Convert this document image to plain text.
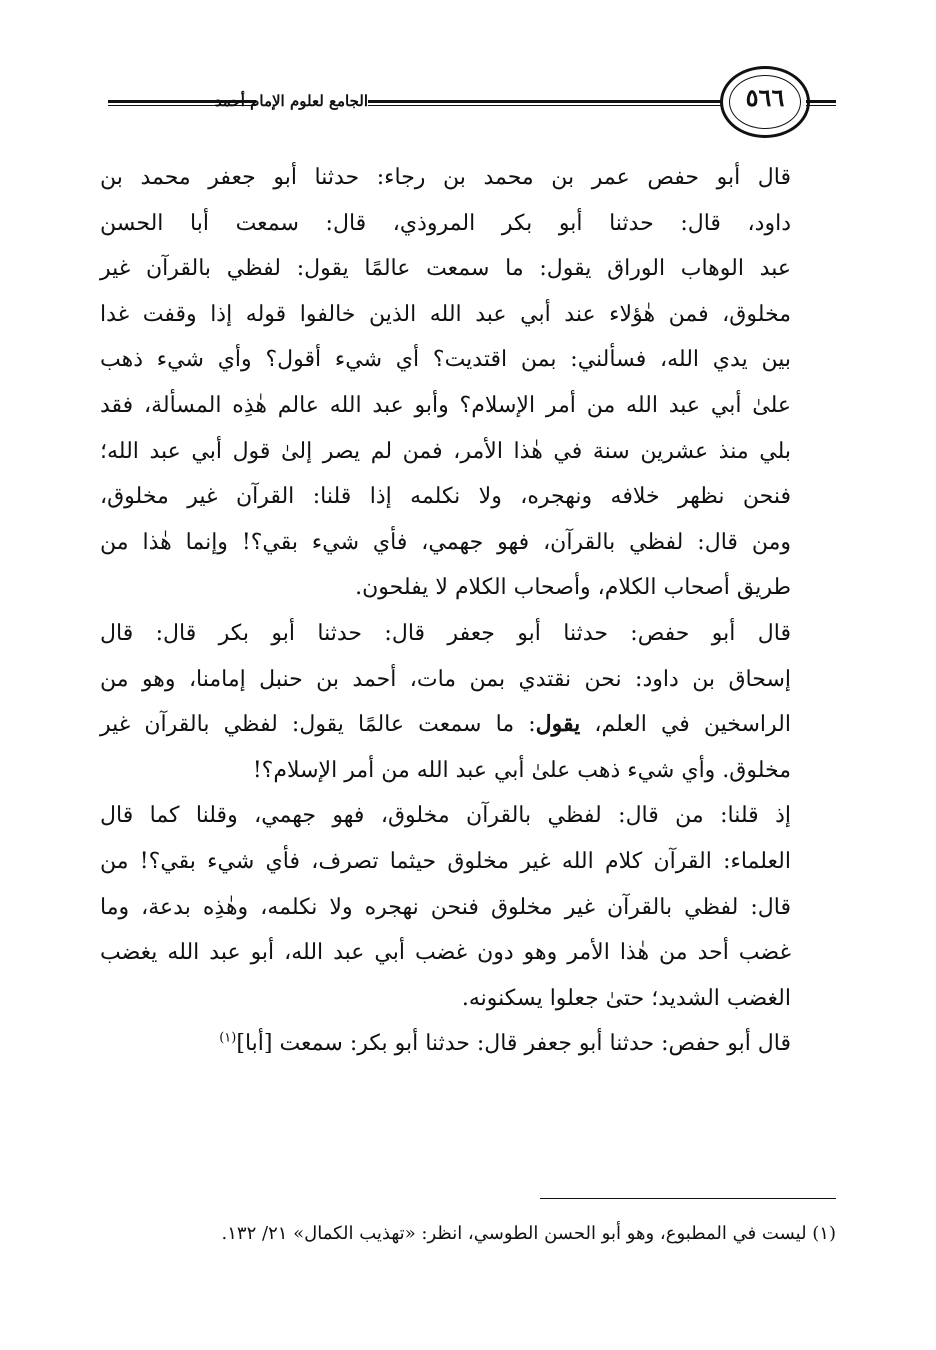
الجامع لعلوم الإمام أحمد	٥٦٦
قال أبو حفص عمر بن محمد بن رجاء: حدثنا أبو جعفر محمد بن
داود، قال: حدثنا أبو بكر المروذي، قال: سمعت أبا الحسن
عبد الوهاب الوراق يقول: ما سمعت عالمًا يقول: لفظي بالقرآن غير
مخلوق، فمن هٰؤلاء عند أبي عبد الله الذين خالفوا قوله إذا وقفت غدا
بين يدي الله، فسألني: بمن اقتديت؟ أي شيء أقول؟ وأي شيء ذهب
علىٰ أبي عبد الله من أمر الإسلام؟ وأبو عبد الله عالم هٰذِه المسألة، فقد
بلي منذ عشرين سنة في هٰذا الأمر، فمن لم يصر إلىٰ قول أبي عبد الله؛
فنحن نظهر خلافه ونهجره، ولا نكلمه إذا قلنا: القرآن غير مخلوق،
ومن قال: لفظي بالقرآن، فهو جهمي، فأي شيء بقي؟! وإنما هٰذا من
طريق أصحاب الكلام، وأصحاب الكلام لا يفلحون.
قال أبو حفص: حدثنا أبو جعفر قال: حدثنا أبو بكر قال: قال
إسحاق بن داود: نحن نقتدي بمن مات، أحمد بن حنبل إمامنا، وهو من
الراسخين في العلم، يقول: ما سمعت عالمًا يقول: لفظي بالقرآن غير
مخلوق. وأي شيء ذهب علىٰ أبي عبد الله من أمر الإسلام؟!
إذ قلنا: من قال: لفظي بالقرآن مخلوق، فهو جهمي، وقلنا كما قال
العلماء: القرآن كلام الله غير مخلوق حيثما تصرف، فأي شيء بقي؟! من
قال: لفظي بالقرآن غير مخلوق فنحن نهجره ولا نكلمه، وهٰذِه بدعة، وما
غضب أحد من هٰذا الأمر وهو دون غضب أبي عبد الله، أبو عبد الله يغضب
الغضب الشديد؛ حتىٰ جعلوا يسكنونه.
قال أبو حفص: حدثنا أبو جعفر قال: حدثنا أبو بكر: سمعت [أبا]$^{(١)}$
(١) ليست في المطبوع، وهو أبو الحسن الطوسي، انظر: «تهذيب الكمال» ٢١/ ١٣٢.
